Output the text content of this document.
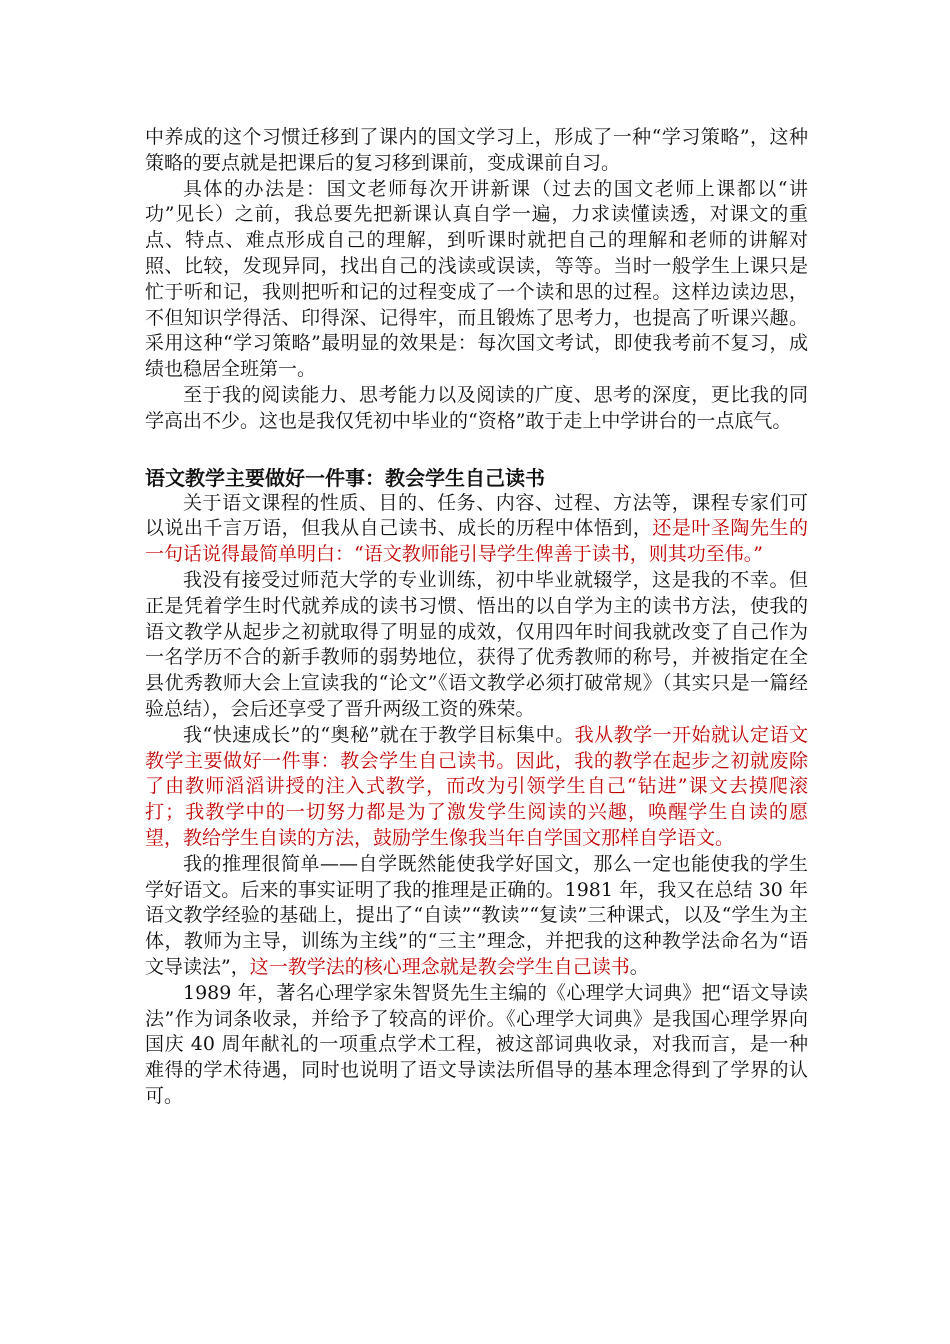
中养成的这个习惯迁移到了课内的国文学习上，形成了一种“学习策略”，这种策略的要点就是把课后的复习移到课前，变成课前自习。

具体的办法是：国文老师每次开讲新课（过去的国文老师上课都以“讲功”见长）之前，我总要先把新课认真自学一遍，力求读懂读透，对课文的重点、特点、难点形成自己的理解，到听课时就把自己的理解和老师的讲解对照、比较，发现异同，找出自己的浅读或误读，等等。当时一般学生上课只是忙于听和记，我则把听和记的过程变成了一个读和思的过程。这样边读边思，不但知识学得活、印得深、记得牢，而且锻炼了思考力，也提高了听课兴趣。采用这种“学习策略”最明显的效果是：每次国文考试，即使我考前不复习，成绩也稳居全班第一。

至于我的阅读能力、思考能力以及阅读的广度、思考的深度，更比我的同学高出不少。这也是我仅凭初中毕业的“资格”敢于走上中学讲台的一点底气。

语文教学主要做好一件事：教会学生自己读书

关于语文课程的性质、目的、任务、内容、过程、方法等，课程专家们可以说出千言万语，但我从自己读书、成长的历程中体悟到，还是叶圣陶先生的一句话说得最简单明白：“语文教师能引导学生俾善于读书，则其功至伟。”

我没有接受过师范大学的专业训练，初中毕业就辍学，这是我的不幸。但正是凭着学生时代就养成的读书习惯、悟出的以自学为主的读书方法，使我的语文教学从起步之初就取得了明显的成效，仅用四年时间我就改变了自己作为一名学历不合的新手教师的弱势地位，获得了优秀教师的称号，并被指定在全县优秀教师大会上宣读我的“论文”《语文教学必须打破常规》（其实只是一篇经验总结），会后还享受了晋升两级工资的殊荣。

我“快速成长”的“奥秘”就在于教学目标集中。我从教学一开始就认定语文教学主要做好一件事：教会学生自己读书。因此，我的教学在起步之初就废除了由教师滔滔讲授的注入式教学，而改为引领学生自己“钻进”课文去摸爬滚打；我教学中的一切努力都是为了激发学生阅读的兴趣，唤醒学生自读的愿望，教给学生自读的方法，鼓励学生像我当年自学国文那样自学语文。

我的推理很简单——自学既然能使我学好国文，那么一定也能使我的学生学好语文。后来的事实证明了我的推理是正确的。1981 年，我又在总结 30 年语文教学经验的基础上，提出了“自读”“教读”“复读”三种课式，以及“学生为主体，教师为主导，训练为主线”的“三主”理念，并把我的这种教学法命名为“语文导读法”，这一教学法的核心理念就是教会学生自己读书。

1989 年，著名心理学家朱智贤先生主编的《心理学大词典》把“语文导读法”作为词条收录，并给予了较高的评价。《心理学大词典》是我国心理学界向国庆 40 周年献礼的一项重点学术工程，被这部词典收录，对我而言，是一种难得的学术待遇，同时也说明了语文导读法所倡导的基本理念得到了学界的认可。
